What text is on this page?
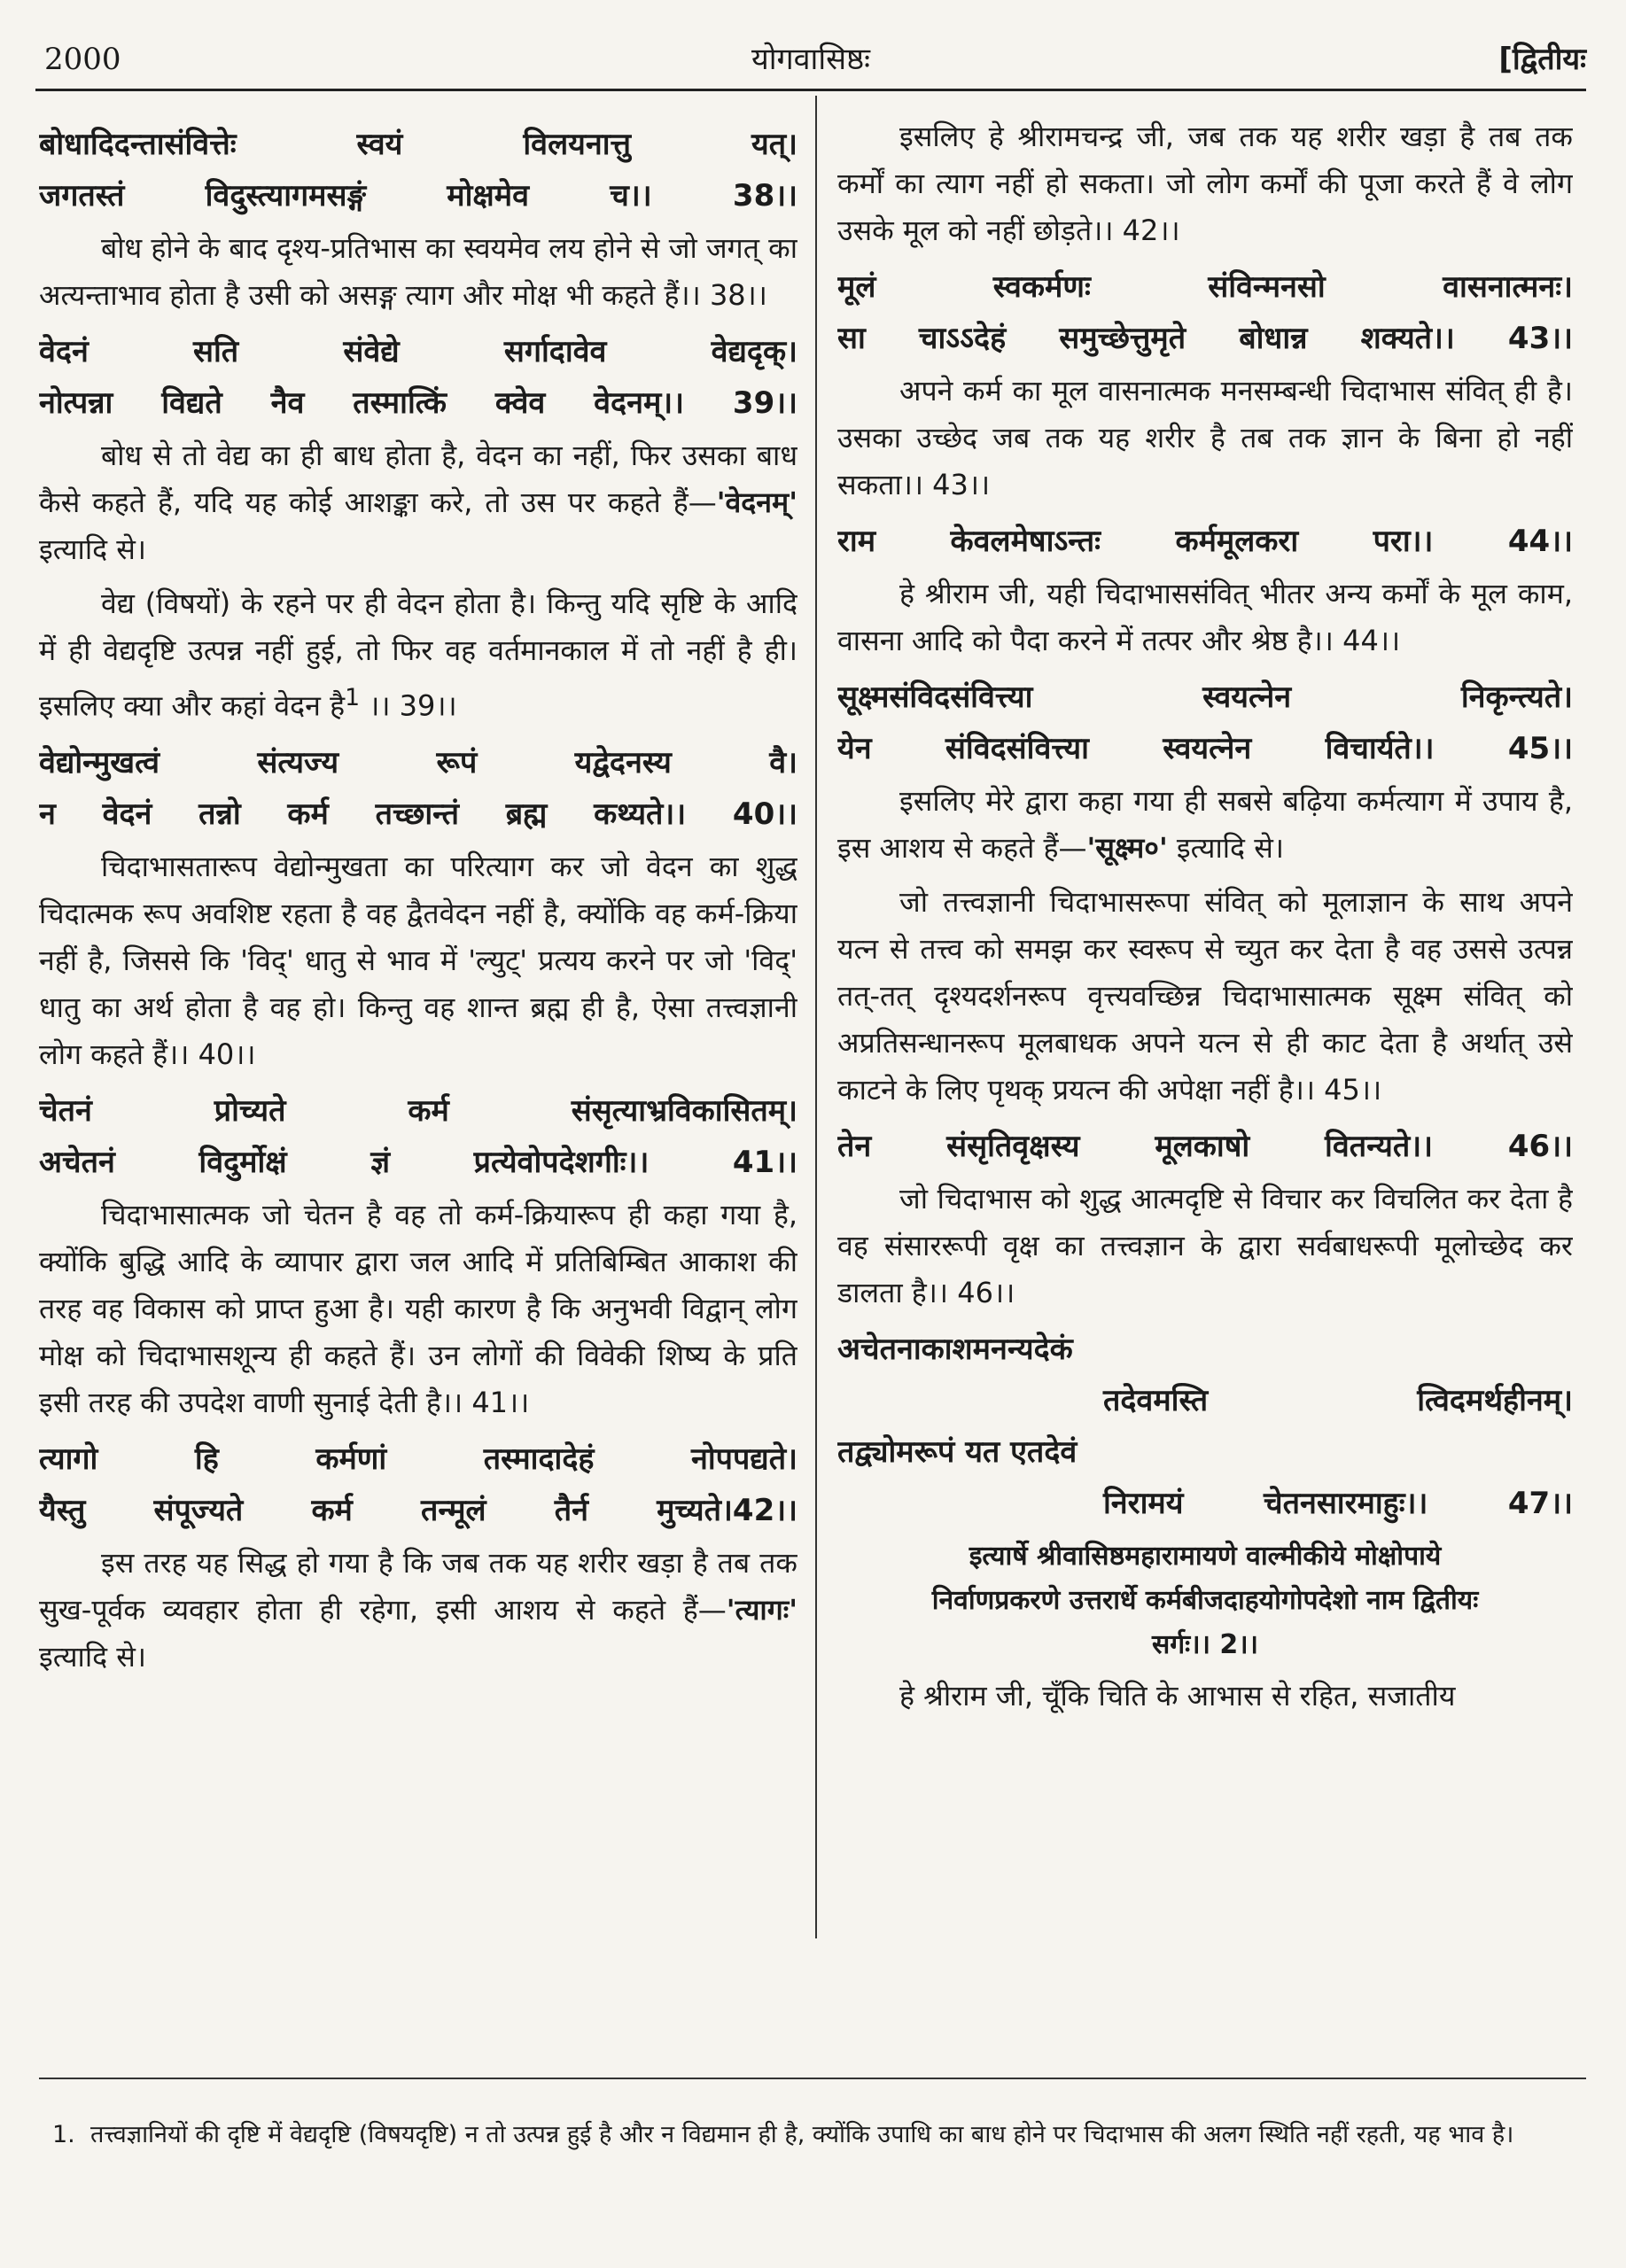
2000	योगवासिष्ठः	[द्वितीयः
बोधादिदन्तासंवित्तेः स्वयं विलयनात्तु यत्।
जगतस्तं विदुस्त्यागमसङ्गं मोक्षमेव च।। 38।।

बोध होने के बाद दृश्य-प्रतिभास का स्वयमेव लय होने से जो जगत् का अत्यन्ताभाव होता है उसी को असङ्ग त्याग और मोक्ष भी कहते हैं।। 38।।

वेदनं सति संवेद्ये सर्गादावेव वेद्यदृक्।
नोत्पन्ना विद्यते नैव तस्मात्किं क्वेव वेदनम्।। 39।।

बोध से तो वेद्य का ही बाध होता है, वेदन का नहीं, फिर उसका बाध कैसे कहते हैं, यदि यह कोई आशङ्का करे, तो उस पर कहते हैं—'वेदनम्' इत्यादि से।

वेद्य (विषयों) के रहने पर ही वेदन होता है। किन्तु यदि सृष्टि के आदि में ही वेद्यदृष्टि उत्पन्न नहीं हुई, तो फिर वह वर्तमानकाल में तो नहीं है ही। इसलिए क्या और कहां वेदन है$^1$ ।। 39।।

वेद्योन्मुखत्वं संत्यज्य रूपं यद्वेदनस्य वै।
न वेदनं तन्नो कर्म तच्छान्तं ब्रह्म कथ्यते।। 40।।

चिदाभासतारूप वेद्योन्मुखता का परित्याग कर जो वेदन का शुद्ध चिदात्मक रूप अवशिष्ट रहता है वह द्वैतवेदन नहीं है, क्योंकि वह कर्म-क्रिया नहीं है, जिससे कि 'विद्' धातु से भाव में 'ल्युट्' प्रत्यय करने पर जो 'विद्' धातु का अर्थ होता है वह हो। किन्तु वह शान्त ब्रह्म ही है, ऐसा तत्त्वज्ञानी लोग कहते हैं।। 40।।

चेतनं प्रोच्यते कर्म संसृत्याभ्रविकासितम्।
अचेतनं विदुर्मोक्षं ज्ञं प्रत्येवोपदेशगीः।। 41।।

चिदाभासात्मक जो चेतन है वह तो कर्म-क्रियारूप ही कहा गया है, क्योंकि बुद्धि आदि के व्यापार द्वारा जल आदि में प्रतिबिम्बित आकाश की तरह वह विकास को प्राप्त हुआ है। यही कारण है कि अनुभवी विद्वान् लोग मोक्ष को चिदाभासशून्य ही कहते हैं। उन लोगों की विवेकी शिष्य के प्रति इसी तरह की उपदेश वाणी सुनाई देती है।। 41।।

त्यागो हि कर्मणां तस्मादादेहं नोपपद्यते।
यैस्तु संपूज्यते कर्म तन्मूलं तैर्न मुच्यते।42।।

इस तरह यह सिद्ध हो गया है कि जब तक यह शरीर खड़ा है तब तक सुख-पूर्वक व्यवहार होता ही रहेगा, इसी आशय से कहते हैं—'त्यागः' इत्यादि से।

इसलिए हे श्रीरामचन्द्र जी, जब तक यह शरीर खड़ा है तब तक कर्मों का त्याग नहीं हो सकता। जो लोग कर्मों की पूजा करते हैं वे लोग उसके मूल को नहीं छोड़ते।। 42।।

मूलं स्वकर्मणः संविन्मनसो वासनात्मनः।
सा चाऽऽदेहं समुच्छेत्तुमृते बोधान्न शक्यते।। 43।।

अपने कर्म का मूल वासनात्मक मनसम्बन्धी चिदाभास संवित् ही है। उसका उच्छेद जब तक यह शरीर है तब तक ज्ञान के बिना हो नहीं सकता।। 43।।

राम केवलमेषाऽन्तः कर्ममूलकरा परा।। 44।।

हे श्रीराम जी, यही चिदाभाससंवित् भीतर अन्य कर्मों के मूल काम, वासना आदि को पैदा करने में तत्पर और श्रेष्ठ है।। 44।।

सूक्ष्मसंविदसंवित्त्या स्वयत्नेन निकृन्त्यते।
येन संविदसंवित्त्या स्वयत्नेन विचार्यते।। 45।।

इसलिए मेरे द्वारा कहा गया ही सबसे बढ़िया कर्मत्याग में उपाय है, इस आशय से कहते हैं—'सूक्ष्म०' इत्यादि से।

जो तत्त्वज्ञानी चिदाभासरूपा संवित् को मूलाज्ञान के साथ अपने यत्न से तत्त्व को समझ कर स्वरूप से च्युत कर देता है वह उससे उत्पन्न तत्-तत् दृश्यदर्शनरूप वृत्त्यवच्छिन्न चिदाभासात्मक सूक्ष्म संवित् को अप्रतिसन्धानरूप मूलबाधक अपने यत्न से ही काट देता है अर्थात् उसे काटने के लिए पृथक् प्रयत्न की अपेक्षा नहीं है।। 45।।

तेन संसृतिवृक्षस्य मूलकाषो वितन्यते।। 46।।

जो चिदाभास को शुद्ध आत्मदृष्टि से विचार कर विचलित कर देता है वह संसाररूपी वृक्ष का तत्त्वज्ञान के द्वारा सर्वबाधरूपी मूलोच्छेद कर डालता है।। 46।।

अचेतनाकाशमनन्यदेकं
तदेवमस्ति त्विदमर्थहीनम्।
तद्व्योमरूपं यत एतदेवं
निरामयं चेतनसारमाहुः।। 47।।
इत्यार्षे श्रीवासिष्ठमहारामायणे वाल्मीकीये मोक्षोपाये
निर्वाणप्रकरणे उत्तरार्धे कर्मबीजदाहयोगोपदेशो नाम द्वितीयः
सर्गः।। 2।।

हे श्रीराम जी, चूँकि चिति के आभास से रहित, सजातीय

1. तत्त्वज्ञानियों की दृष्टि में वेद्यदृष्टि (विषयदृष्टि) न तो उत्पन्न हुई है और न विद्यमान ही है, क्योंकि उपाधि का बाध होने पर चिदाभास की अलग स्थिति नहीं रहती, यह भाव है।
